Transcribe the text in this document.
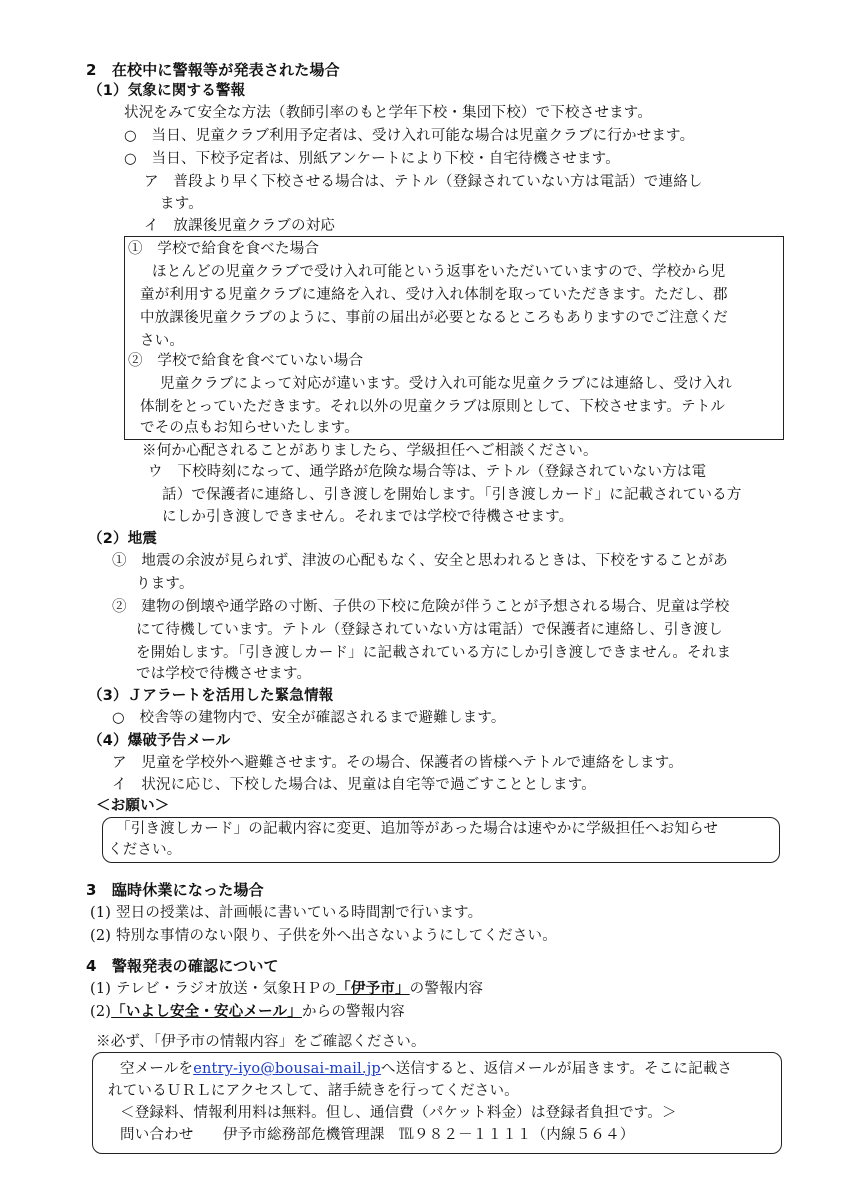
2　在校中に警報等が発表された場合
（1）気象に関する警報
状況をみて安全な方法（教師引率のもと学年下校・集団下校）で下校させます。
○　当日、児童クラブ利用予定者は、受け入れ可能な場合は児童クラブに行かせます。
○　当日、下校予定者は、別紙アンケートにより下校・自宅待機させます。
ア　普段より早く下校させる場合は、テトル（登録されていない方は電話）で連絡し
ます。
イ　放課後児童クラブの対応
①　学校で給食を食べた場合
ほとんどの児童クラブで受け入れ可能という返事をいただいていますので、学校から児
童が利用する児童クラブに連絡を入れ、受け入れ体制を取っていただきます。ただし、郡
中放課後児童クラブのように、事前の届出が必要となるところもありますのでご注意くだ
さい。
②　学校で給食を食べていない場合
児童クラブによって対応が違います。受け入れ可能な児童クラブには連絡し、受け入れ
体制をとっていただきます。それ以外の児童クラブは原則として、下校させます。テトル
でその点もお知らせいたします。
※何か心配されることがありましたら、学級担任へご相談ください。
ウ　下校時刻になって、通学路が危険な場合等は、テトル（登録されていない方は電
話）で保護者に連絡し、引き渡しを開始します。「引き渡しカード」に記載されている方
にしか引き渡しできません。それまでは学校で待機させます。
（2）地震
①　地震の余波が見られず、津波の心配もなく、安全と思われるときは、下校をすることがあ
ります。
②　建物の倒壊や通学路の寸断、子供の下校に危険が伴うことが予想される場合、児童は学校
にて待機しています。テトル（登録されていない方は電話）で保護者に連絡し、引き渡し
を開始します。「引き渡しカード」に記載されている方にしか引き渡しできません。それま
では学校で待機させます。
（3）Ｊアラートを活用した緊急情報
○　校舎等の建物内で、安全が確認されるまで避難します。
（4）爆破予告メール
ア　児童を学校外へ避難させます。その場合、保護者の皆様へテトルで連絡をします。
イ　状況に応じ、下校した場合は、児童は自宅等で過ごすこととします。
＜お願い＞
「引き渡しカード」の記載内容に変更、追加等があった場合は速やかに学級担任へお知らせ
ください。
3　臨時休業になった場合
(1) 翌日の授業は、計画帳に書いている時間割で行います。
(2) 特別な事情のない限り、子供を外へ出さないようにしてください。
4　警報発表の確認について
(1) テレビ・ラジオ放送・気象ＨＰの「伊予市」の警報内容
(2)「いよし安全・安心メール」からの警報内容
※必ず、「伊予市の情報内容」をご確認ください。
空メールをentry-iyo@bousai-mail.jpへ送信すると、返信メールが届きます。そこに記載さ
れているＵＲＬにアクセスして、諸手続きを行ってください。
＜登録料、情報利用料は無料。但し、通信費（パケット料金）は登録者負担です。＞
問い合わせ　　伊予市総務部危機管理課　℡９８２－１１１１（内線５６４）
